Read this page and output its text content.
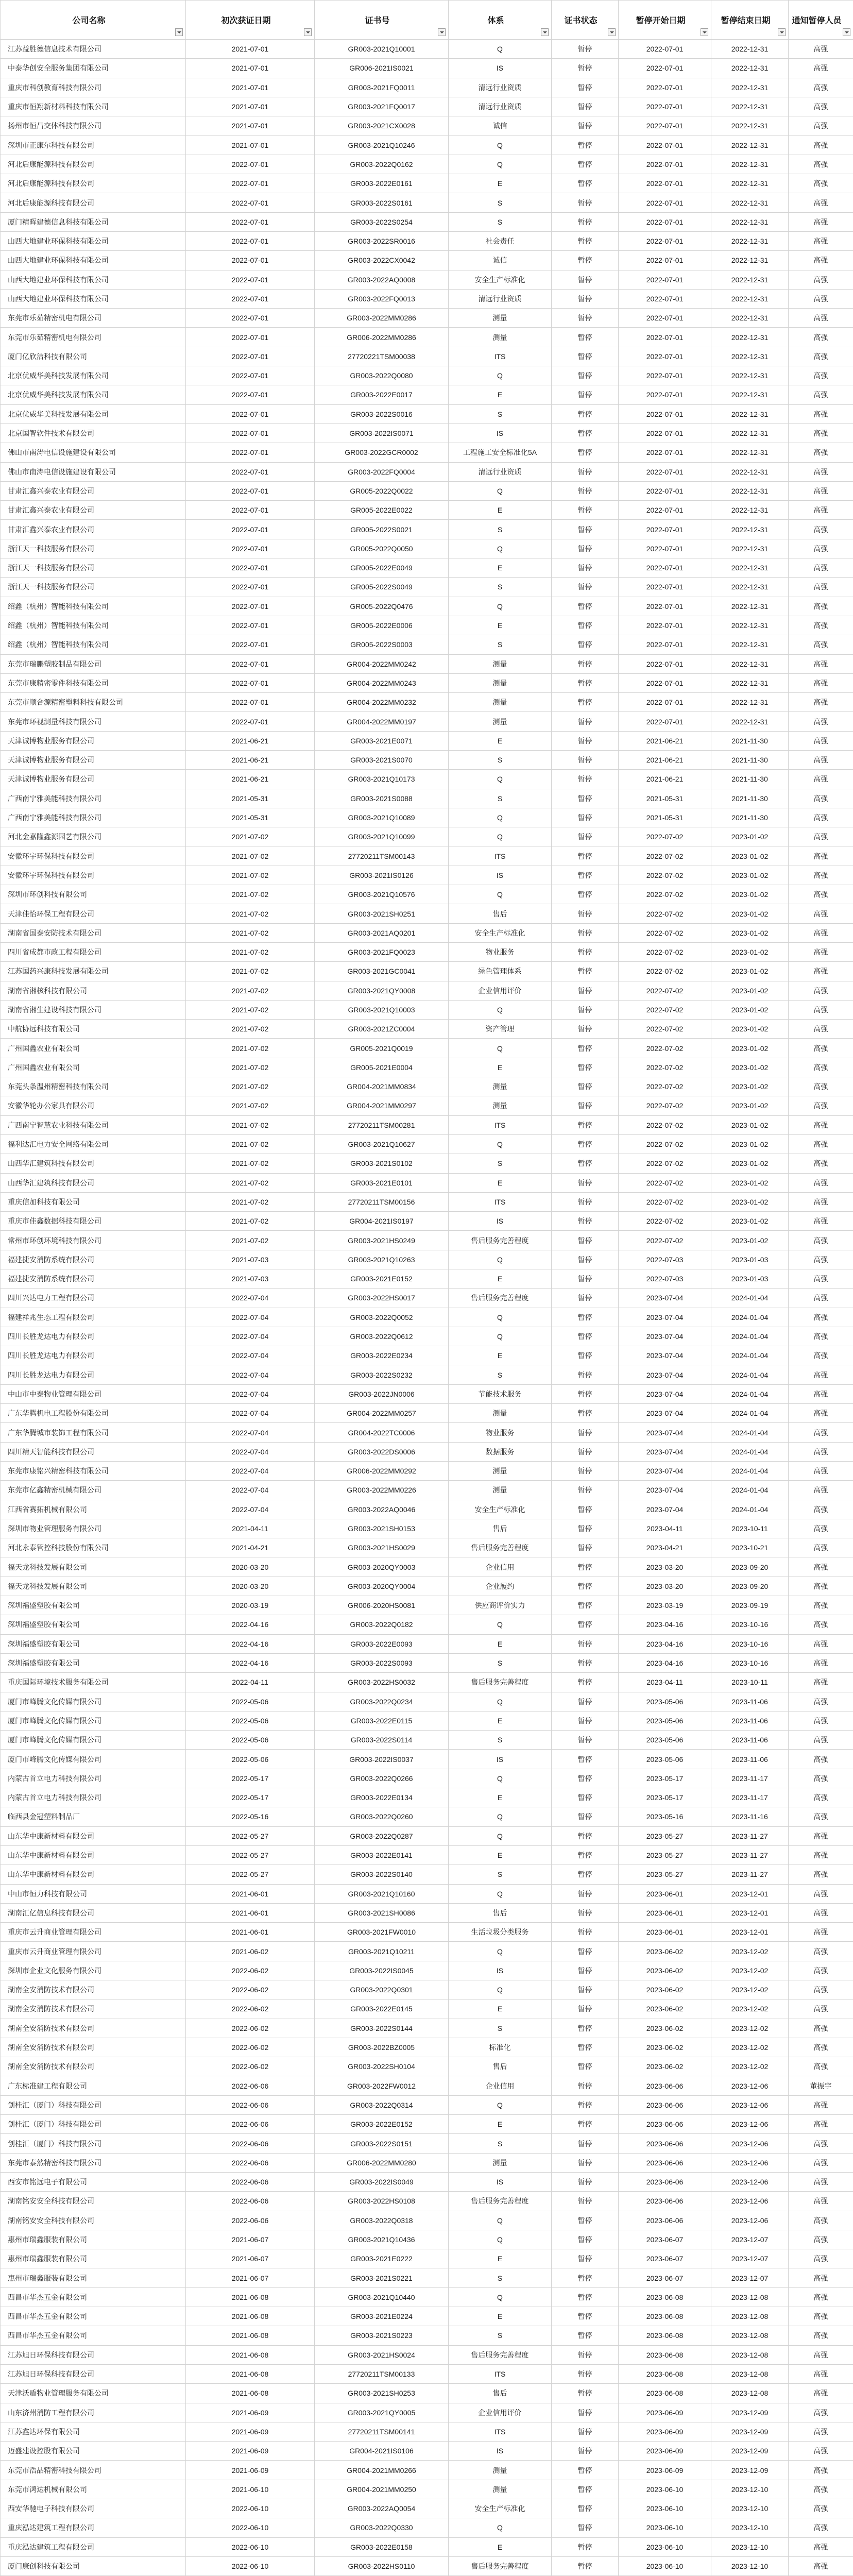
公司名称	初次获证日期	证书号	体系	证书状态	暂停开始日期	暂停结束日期	通知暂停人员

江苏益胜德信息技术有限公司	2021-07-01	GR003-2021Q10001	Q	暂停	2022-07-01	2022-12-31	高强
中泰华创安全服务集团有限公司	2021-07-01	GR006-2021IS0021	IS	暂停	2022-07-01	2022-12-31	高强
重庆市科创教育科技有限公司	2021-07-01	GR003-2021FQ0011	清远行业资质	暂停	2022-07-01	2022-12-31	高强
重庆市恒翔新材料科技有限公司	2021-07-01	GR003-2021FQ0017	清远行业资质	暂停	2022-07-01	2022-12-31	高强
扬州市恒昌交体科技有限公司	2021-07-01	GR003-2021CX0028	诚信	暂停	2022-07-01	2022-12-31	高强
深圳市正康尔科技有限公司	2021-07-01	GR003-2021Q10246	Q	暂停	2022-07-01	2022-12-31	高强
河北后康能源科技有限公司	2022-07-01	GR003-2022Q0162	Q	暂停	2022-07-01	2022-12-31	高强
河北后康能源科技有限公司	2022-07-01	GR003-2022E0161	E	暂停	2022-07-01	2022-12-31	高强
河北后康能源科技有限公司	2022-07-01	GR003-2022S0161	S	暂停	2022-07-01	2022-12-31	高强
厦门精晖建德信息科技有限公司	2022-07-01	GR003-2022S0254	S	暂停	2022-07-01	2022-12-31	高强
山西大地建业环保科技有限公司	2022-07-01	GR003-2022SR0016	社会责任	暂停	2022-07-01	2022-12-31	高强
山西大地建业环保科技有限公司	2022-07-01	GR003-2022CX0042	诚信	暂停	2022-07-01	2022-12-31	高强
山西大地建业环保科技有限公司	2022-07-01	GR003-2022AQ0008	安全生产标准化	暂停	2022-07-01	2022-12-31	高强
山西大地建业环保科技有限公司	2022-07-01	GR003-2022FQ0013	清远行业资质	暂停	2022-07-01	2022-12-31	高强
东莞市乐茹精密机电有限公司	2022-07-01	GR003-2022MM0286	测量	暂停	2022-07-01	2022-12-31	高强
东莞市乐茹精密机电有限公司	2022-07-01	GR006-2022MM0286	测量	暂停	2022-07-01	2022-12-31	高强
厦门亿欣洁科技有限公司	2022-07-01	27720221TSM00038	ITS	暂停	2022-07-01	2022-12-31	高强
北京优威华美科技发展有限公司	2022-07-01	GR003-2022Q0080	Q	暂停	2022-07-01	2022-12-31	高强
北京优威华美科技发展有限公司	2022-07-01	GR003-2022E0017	E	暂停	2022-07-01	2022-12-31	高强
北京优威华美科技发展有限公司	2022-07-01	GR003-2022S0016	S	暂停	2022-07-01	2022-12-31	高强
北京国智软件技术有限公司	2022-07-01	GR003-2022IS0071	IS	暂停	2022-07-01	2022-12-31	高强
佛山市南涛电信设施建设有限公司	2022-07-01	GR003-2022GCR0002	工程施工安全标准化5A	暂停	2022-07-01	2022-12-31	高强
佛山市南涛电信设施建设有限公司	2022-07-01	GR003-2022FQ0004	清远行业资质	暂停	2022-07-01	2022-12-31	高强
甘肃汇鑫兴泰农业有限公司	2022-07-01	GR005-2022Q0022	Q	暂停	2022-07-01	2022-12-31	高强
甘肃汇鑫兴泰农业有限公司	2022-07-01	GR005-2022E0022	E	暂停	2022-07-01	2022-12-31	高强
甘肃汇鑫兴泰农业有限公司	2022-07-01	GR005-2022S0021	S	暂停	2022-07-01	2022-12-31	高强
浙江天一科技服务有限公司	2022-07-01	GR005-2022Q0050	Q	暂停	2022-07-01	2022-12-31	高强
浙江天一科技服务有限公司	2022-07-01	GR005-2022E0049	E	暂停	2022-07-01	2022-12-31	高强
浙江天一科技服务有限公司	2022-07-01	GR005-2022S0049	S	暂停	2022-07-01	2022-12-31	高强
绍鑫（杭州）智能科技有限公司	2022-07-01	GR005-2022Q0476	Q	暂停	2022-07-01	2022-12-31	高强
绍鑫（杭州）智能科技有限公司	2022-07-01	GR005-2022E0006	E	暂停	2022-07-01	2022-12-31	高强
绍鑫（杭州）智能科技有限公司	2022-07-01	GR005-2022S0003	S	暂停	2022-07-01	2022-12-31	高强
东莞市瑞鹏塑胶制品有限公司	2022-07-01	GR004-2022MM0242	测量	暂停	2022-07-01	2022-12-31	高强
东莞市康精密零件科技有限公司	2022-07-01	GR004-2022MM0243	测量	暂停	2022-07-01	2022-12-31	高强
东莞市顺合源精密塑料科技有限公司	2022-07-01	GR004-2022MM0232	测量	暂停	2022-07-01	2022-12-31	高强
东莞市环视测量科技有限公司	2022-07-01	GR004-2022MM0197	测量	暂停	2022-07-01	2022-12-31	高强
天津诚博物业服务有限公司	2021-06-21	GR003-2021E0071	E	暂停	2021-06-21	2021-11-30	高强
天津诚博物业服务有限公司	2021-06-21	GR003-2021S0070	S	暂停	2021-06-21	2021-11-30	高强
天津诚博物业服务有限公司	2021-06-21	GR003-2021Q10173	Q	暂停	2021-06-21	2021-11-30	高强
广西南宁雅美能科技有限公司	2021-05-31	GR003-2021S0088	S	暂停	2021-05-31	2021-11-30	高强
广西南宁雅美能科技有限公司	2021-05-31	GR003-2021Q10089	Q	暂停	2021-05-31	2021-11-30	高强
河北金嘉隆鑫源园艺有限公司	2021-07-02	GR003-2021Q10099	Q	暂停	2022-07-02	2023-01-02	高强
安徽环宇环保科技有限公司	2021-07-02	27720211TSM00143	ITS	暂停	2022-07-02	2023-01-02	高强
安徽环宇环保科技有限公司	2021-07-02	GR003-2021IS0126	IS	暂停	2022-07-02	2023-01-02	高强
深圳市环创科技有限公司	2021-07-02	GR003-2021Q10576	Q	暂停	2022-07-02	2023-01-02	高强
天津佳怡环保工程有限公司	2021-07-02	GR003-2021SH0251	售后	暂停	2022-07-02	2023-01-02	高强
湖南省国泰安防技术有限公司	2021-07-02	GR003-2021AQ0201	安全生产标准化	暂停	2022-07-02	2023-01-02	高强
四川省成都市政工程有限公司	2021-07-02	GR003-2021FQ0023	物业服务	暂停	2022-07-02	2023-01-02	高强
江苏国药兴康科技发展有限公司	2021-07-02	GR003-2021GC0041	绿色管理体系	暂停	2022-07-02	2023-01-02	高强
湖南省湘核科技有限公司	2021-07-02	GR003-2021QY0008	企业信用评价	暂停	2022-07-02	2023-01-02	高强
湖南省湘生建设科技有限公司	2021-07-02	GR003-2021Q10003	Q	暂停	2022-07-02	2023-01-02	高强
中航协远科技有限公司	2021-07-02	GR003-2021ZC0004	资产管理	暂停	2022-07-02	2023-01-02	高强
广州国鑫农业有限公司	2021-07-02	GR005-2021Q0019	Q	暂停	2022-07-02	2023-01-02	高强
广州国鑫农业有限公司	2021-07-02	GR005-2021E0004	E	暂停	2022-07-02	2023-01-02	高强
东莞头条温州精密科技有限公司	2021-07-02	GR004-2021MM0834	测量	暂停	2022-07-02	2023-01-02	高强
安徽华轮办公家具有限公司	2021-07-02	GR004-2021MM0297	测量	暂停	2022-07-02	2023-01-02	高强
广西南宁智慧农业科技有限公司	2021-07-02	27720211TSM00281	ITS	暂停	2022-07-02	2023-01-02	高强
福利达汇电力安全网络有限公司	2021-07-02	GR003-2021Q10627	Q	暂停	2022-07-02	2023-01-02	高强
山西华汇建筑科技有限公司	2021-07-02	GR003-2021S0102	S	暂停	2022-07-02	2023-01-02	高强
山西华汇建筑科技有限公司	2021-07-02	GR003-2021E0101	E	暂停	2022-07-02	2023-01-02	高强
重庆信加科技有限公司	2021-07-02	27720211TSM00156	ITS	暂停	2022-07-02	2023-01-02	高强
重庆市佳鑫数据科技有限公司	2021-07-02	GR004-2021IS0197	IS	暂停	2022-07-02	2023-01-02	高强
常州市环创环境科技有限公司	2021-07-02	GR003-2021HS0249	售后服务完善程度	暂停	2022-07-02	2023-01-02	高强
福建捷安消防系统有限公司	2021-07-03	GR003-2021Q10263	Q	暂停	2022-07-03	2023-01-03	高强
福建捷安消防系统有限公司	2021-07-03	GR003-2021E0152	E	暂停	2022-07-03	2023-01-03	高强
四川兴达电力工程有限公司	2022-07-04	GR003-2022HS0017	售后服务完善程度	暂停	2023-07-04	2024-01-04	高强
福建祥兆生态工程有限公司	2022-07-04	GR003-2022Q0052	Q	暂停	2023-07-04	2024-01-04	高强
四川长胜龙达电力有限公司	2022-07-04	GR003-2022Q0612	Q	暂停	2023-07-04	2024-01-04	高强
四川长胜龙达电力有限公司	2022-07-04	GR003-2022E0234	E	暂停	2023-07-04	2024-01-04	高强
四川长胜龙达电力有限公司	2022-07-04	GR003-2022S0232	S	暂停	2023-07-04	2024-01-04	高强
中山市中泰物业管理有限公司	2022-07-04	GR003-2022JN0006	节能技术服务	暂停	2023-07-04	2024-01-04	高强
广东华腾机电工程股份有限公司	2022-07-04	GR004-2022MM0257	测量	暂停	2023-07-04	2024-01-04	高强
广东华腾城市装饰工程有限公司	2022-07-04	GR004-2022TC0006	物业服务	暂停	2023-07-04	2024-01-04	高强
四川精天智能科技有限公司	2022-07-04	GR003-2022DS0006	数据服务	暂停	2023-07-04	2024-01-04	高强
东莞市康铭兴精密科技有限公司	2022-07-04	GR006-2022MM0292	测量	暂停	2023-07-04	2024-01-04	高强
东莞市亿鑫精密机械有限公司	2022-07-04	GR003-2022MM0226	测量	暂停	2023-07-04	2024-01-04	高强
江西省赛拓机械有限公司	2022-07-04	GR003-2022AQ0046	安全生产标准化	暂停	2023-07-04	2024-01-04	高强
深圳市物业管理服务有限公司	2021-04-11	GR003-2021SH0153	售后	暂停	2023-04-11	2023-10-11	高强
河北永泰管控科技股份有限公司	2021-04-21	GR003-2021HS0029	售后服务完善程度	暂停	2023-04-21	2023-10-21	高强
福天龙科技发展有限公司	2020-03-20	GR003-2020QY0003	企业信用	暂停	2023-03-20	2023-09-20	高强
福天龙科技发展有限公司	2020-03-20	GR003-2020QY0004	企业履约	暂停	2023-03-20	2023-09-20	高强
深圳福盛塑胶有限公司	2020-03-19	GR006-2020HS0081	供应商评价实力	暂停	2023-03-19	2023-09-19	高强
深圳福盛塑胶有限公司	2022-04-16	GR003-2022Q0182	Q	暂停	2023-04-16	2023-10-16	高强
深圳福盛塑胶有限公司	2022-04-16	GR003-2022E0093	E	暂停	2023-04-16	2023-10-16	高强
深圳福盛塑胶有限公司	2022-04-16	GR003-2022S0093	S	暂停	2023-04-16	2023-10-16	高强
重庆国际环境技术服务有限公司	2022-04-11	GR003-2022HS0032	售后服务完善程度	暂停	2023-04-11	2023-10-11	高强
厦门市峰腾文化传媒有限公司	2022-05-06	GR003-2022Q0234	Q	暂停	2023-05-06	2023-11-06	高强
厦门市峰腾文化传媒有限公司	2022-05-06	GR003-2022E0115	E	暂停	2023-05-06	2023-11-06	高强
厦门市峰腾文化传媒有限公司	2022-05-06	GR003-2022S0114	S	暂停	2023-05-06	2023-11-06	高强
厦门市峰腾文化传媒有限公司	2022-05-06	GR003-2022IS0037	IS	暂停	2023-05-06	2023-11-06	高强
内蒙古首立电力科技有限公司	2022-05-17	GR003-2022Q0266	Q	暂停	2023-05-17	2023-11-17	高强
内蒙古首立电力科技有限公司	2022-05-17	GR003-2022E0134	E	暂停	2023-05-17	2023-11-17	高强
临西县金冠塑料制品厂	2022-05-16	GR003-2022Q0260	Q	暂停	2023-05-16	2023-11-16	高强
山东华中康新材料有限公司	2022-05-27	GR003-2022Q0287	Q	暂停	2023-05-27	2023-11-27	高强
山东华中康新材料有限公司	2022-05-27	GR003-2022E0141	E	暂停	2023-05-27	2023-11-27	高强
山东华中康新材料有限公司	2022-05-27	GR003-2022S0140	S	暂停	2023-05-27	2023-11-27	高强
中山市恒力科技有限公司	2021-06-01	GR003-2021Q10160	Q	暂停	2023-06-01	2023-12-01	高强
湖南汇亿信息科技有限公司	2021-06-01	GR003-2021SH0086	售后	暂停	2023-06-01	2023-12-01	高强
重庆市云升商业管理有限公司	2021-06-01	GR003-2021FW0010	生活垃圾分类服务	暂停	2023-06-01	2023-12-01	高强
重庆市云升商业管理有限公司	2021-06-02	GR003-2021Q10211	Q	暂停	2023-06-02	2023-12-02	高强
深圳市企业文化服务有限公司	2022-06-02	GR003-2022IS0045	IS	暂停	2023-06-02	2023-12-02	高强
湖南全安消防技术有限公司	2022-06-02	GR003-2022Q0301	Q	暂停	2023-06-02	2023-12-02	高强
湖南全安消防技术有限公司	2022-06-02	GR003-2022E0145	E	暂停	2023-06-02	2023-12-02	高强
湖南全安消防技术有限公司	2022-06-02	GR003-2022S0144	S	暂停	2023-06-02	2023-12-02	高强
湖南全安消防技术有限公司	2022-06-02	GR003-2022BZ0005	标准化	暂停	2023-06-02	2023-12-02	高强
湖南全安消防技术有限公司	2022-06-02	GR003-2022SH0104	售后	暂停	2023-06-02	2023-12-02	高强
广东标准建工程有限公司	2022-06-06	GR003-2022FW0012	企业信用	暂停	2023-06-06	2023-12-06	董振宇
创桂汇（厦门）科技有限公司	2022-06-06	GR003-2022Q0314	Q	暂停	2023-06-06	2023-12-06	高强
创桂汇（厦门）科技有限公司	2022-06-06	GR003-2022E0152	E	暂停	2023-06-06	2023-12-06	高强
创桂汇（厦门）科技有限公司	2022-06-06	GR003-2022S0151	S	暂停	2023-06-06	2023-12-06	高强
东莞市泰然精密科技有限公司	2022-06-06	GR006-2022MM0280	测量	暂停	2023-06-06	2023-12-06	高强
西安市铭远电子有限公司	2022-06-06	GR003-2022IS0049	IS	暂停	2023-06-06	2023-12-06	高强
湖南铭安安全科技有限公司	2022-06-06	GR003-2022HS0108	售后服务完善程度	暂停	2023-06-06	2023-12-06	高强
湖南铭安安全科技有限公司	2022-06-06	GR003-2022Q0318	Q	暂停	2023-06-06	2023-12-06	高强
惠州市瑞鑫服装有限公司	2021-06-07	GR003-2021Q10436	Q	暂停	2023-06-07	2023-12-07	高强
惠州市瑞鑫服装有限公司	2021-06-07	GR003-2021E0222	E	暂停	2023-06-07	2023-12-07	高强
惠州市瑞鑫服装有限公司	2021-06-07	GR003-2021S0221	S	暂停	2023-06-07	2023-12-07	高强
西昌市华杰五金有限公司	2021-06-08	GR003-2021Q10440	Q	暂停	2023-06-08	2023-12-08	高强
西昌市华杰五金有限公司	2021-06-08	GR003-2021E0224	E	暂停	2023-06-08	2023-12-08	高强
西昌市华杰五金有限公司	2021-06-08	GR003-2021S0223	S	暂停	2023-06-08	2023-12-08	高强
江苏旭日环保科技有限公司	2021-06-08	GR003-2021HS0024	售后服务完善程度	暂停	2023-06-08	2023-12-08	高强
江苏旭日环保科技有限公司	2021-06-08	27720211TSM00133	ITS	暂停	2023-06-08	2023-12-08	高强
天津沃盾物业管理服务有限公司	2021-06-08	GR003-2021SH0253	售后	暂停	2023-06-08	2023-12-08	高强
山东济州消防工程有限公司	2021-06-09	GR003-2021QY0005	企业信用评价	暂停	2023-06-09	2023-12-09	高强
江苏鑫达环保有限公司	2021-06-09	27720211TSM00141	ITS	暂停	2023-06-09	2023-12-09	高强
迈盛建设控股有限公司	2021-06-09	GR004-2021IS0106	IS	暂停	2023-06-09	2023-12-09	高强
东莞市浩品精密科技有限公司	2021-06-09	GR004-2021MM0266	测量	暂停	2023-06-09	2023-12-09	高强
东莞市鸿达机械有限公司	2021-06-10	GR004-2021MM0250	测量	暂停	2023-06-10	2023-12-10	高强
西安华驰电子科技有限公司	2022-06-10	GR003-2022AQ0054	安全生产标准化	暂停	2023-06-10	2023-12-10	高强
重庆泓达建筑工程有限公司	2022-06-10	GR003-2022Q0330	Q	暂停	2023-06-10	2023-12-10	高强
重庆泓达建筑工程有限公司	2022-06-10	GR003-2022E0158	E	暂停	2023-06-10	2023-12-10	高强
厦门康创科技有限公司	2022-06-10	GR003-2022HS0110	售后服务完善程度	暂停	2023-06-10	2023-12-10	高强
